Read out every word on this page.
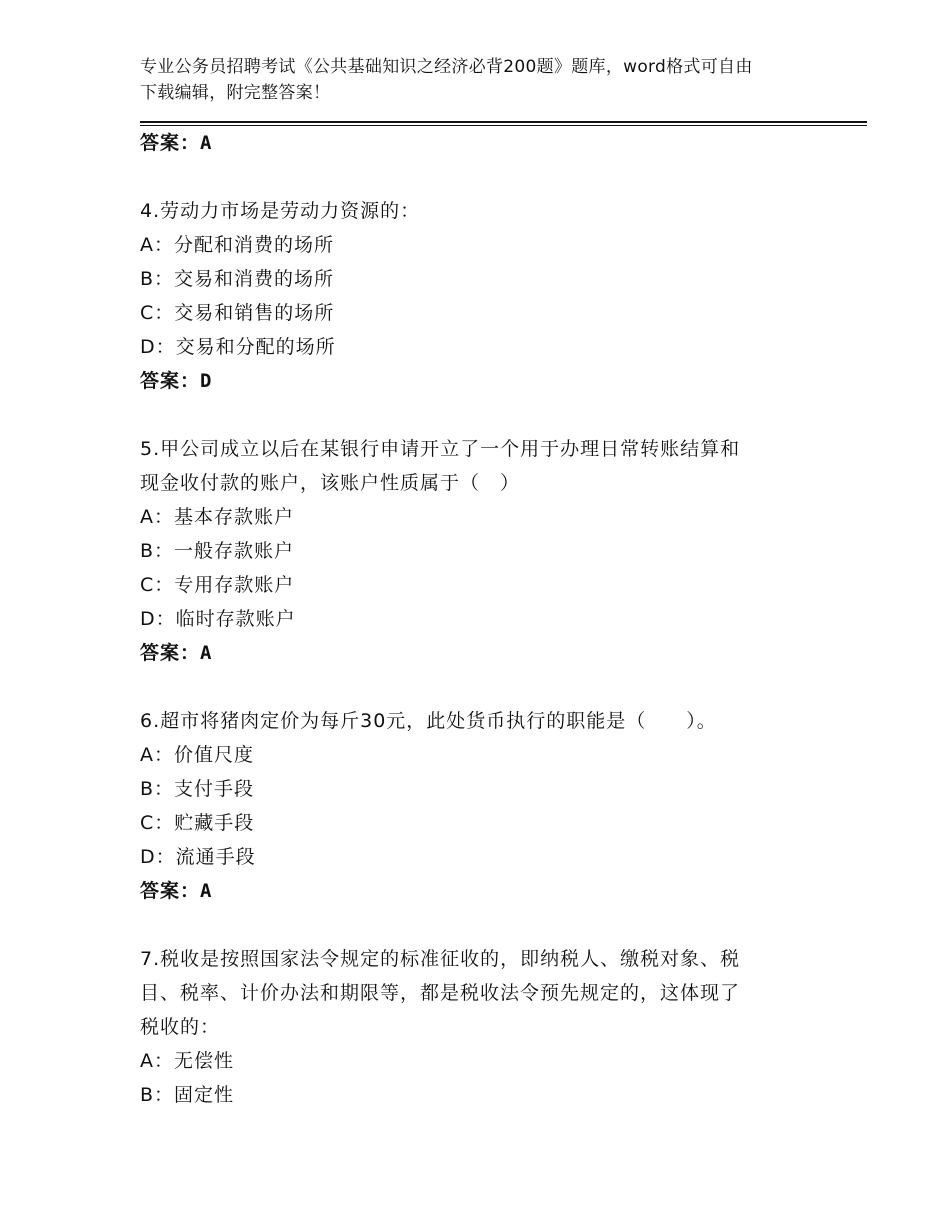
专业公务员招聘考试《公共基础知识之经济必背200题》题库，word格式可自由
下载编辑，附完整答案！
答案：A
4.劳动力市场是劳动力资源的：
A：分配和消费的场所
B：交易和消费的场所
C：交易和销售的场所
D：交易和分配的场所
答案：D
5.甲公司成立以后在某银行申请开立了一个用于办理日常转账结算和
现金收付款的账户，该账户性质属于（　）
A：基本存款账户
B：一般存款账户
C：专用存款账户
D：临时存款账户
答案：A
6.超市将猪肉定价为每斤30元，此处货币执行的职能是（　　）。
A：价值尺度
B：支付手段
C：贮藏手段
D：流通手段
答案：A
7.税收是按照国家法令规定的标准征收的，即纳税人、缴税对象、税
目、税率、计价办法和期限等，都是税收法令预先规定的，这体现了
税收的：
A：无偿性
B：固定性
